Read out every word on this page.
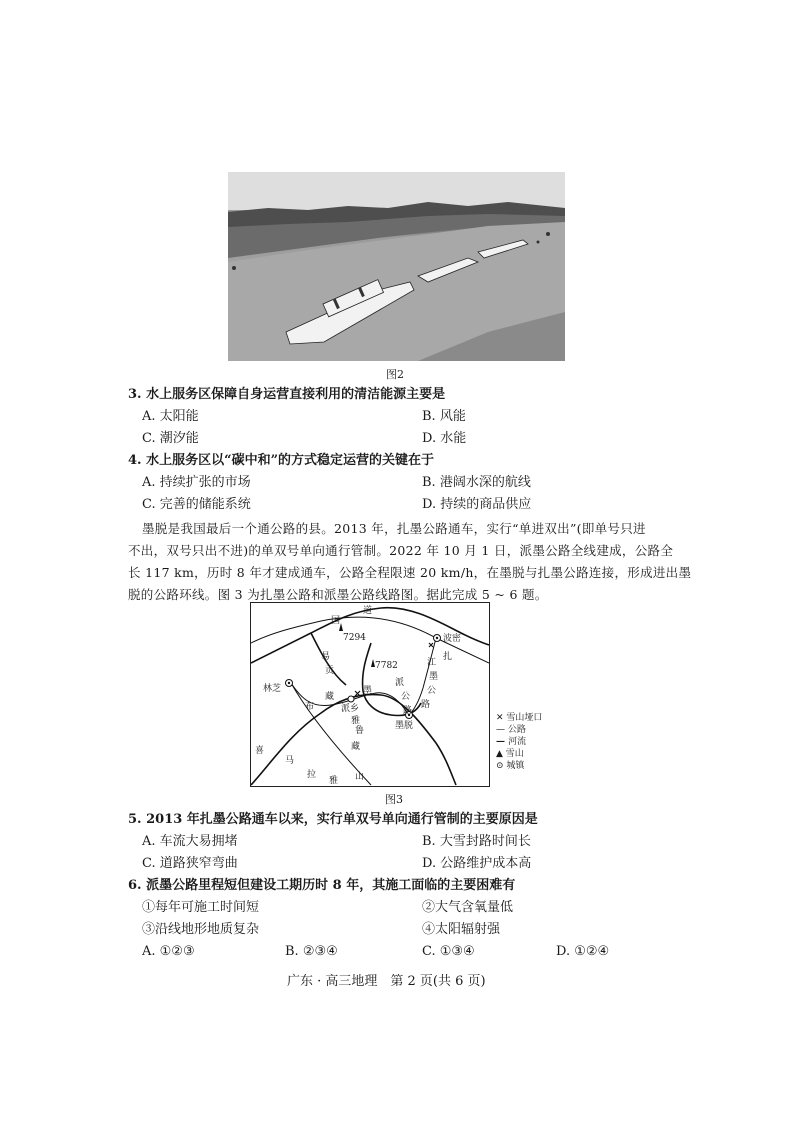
图2
3. 水上服务区保障自身运营直接利用的清洁能源主要是
A. 太阳能	B. 风能
C. 潮汐能	D. 水能
4. 水上服务区以“碳中和”的方式稳定运营的关键在于
A. 持续扩张的市场	B. 港阔水深的航线
C. 完善的储能系统	D. 持续的商品供应
墨脱是我国最后一个通公路的县。2013 年，扎墨公路通车，实行“单进双出”(即单号只进
不出，双号只出不进)的单双号单向通行管制。2022 年 10 月 1 日，派墨公路全线建成，公路全
长 117 km，历时 8 年才建成通车，公路全程限速 20 km/h，在墨脱与扎墨公路连接，形成进出墨
脱的公路环线。图 3 为扎墨公路和派墨公路线路图。据此完成 5 ~ 6 题。
7294
7782
林芝
波密
墨脱
派乡
国
道
易
贡
藏
布
江
扎
墨
公
路
派
墨
公
路
雅
鲁
藏
喜
马
拉
雅 山
✕ 雪山垭口
— 公路
— 河流
▲ 雪山
⊙ 城镇
图3
5. 2013 年扎墨公路通车以来，实行单双号单向通行管制的主要原因是
A. 车流大易拥堵	B. 大雪封路时间长
C. 道路狭窄弯曲	D. 公路维护成本高
6. 派墨公路里程短但建设工期历时 8 年，其施工面临的主要困难有
①每年可施工时间短	②大气含氧量低
③沿线地形地质复杂	④太阳辐射强
A. ①②③	B. ②③④	C. ①③④	D. ①②④
广东 · 高三地理　第 2 页(共 6 页)
